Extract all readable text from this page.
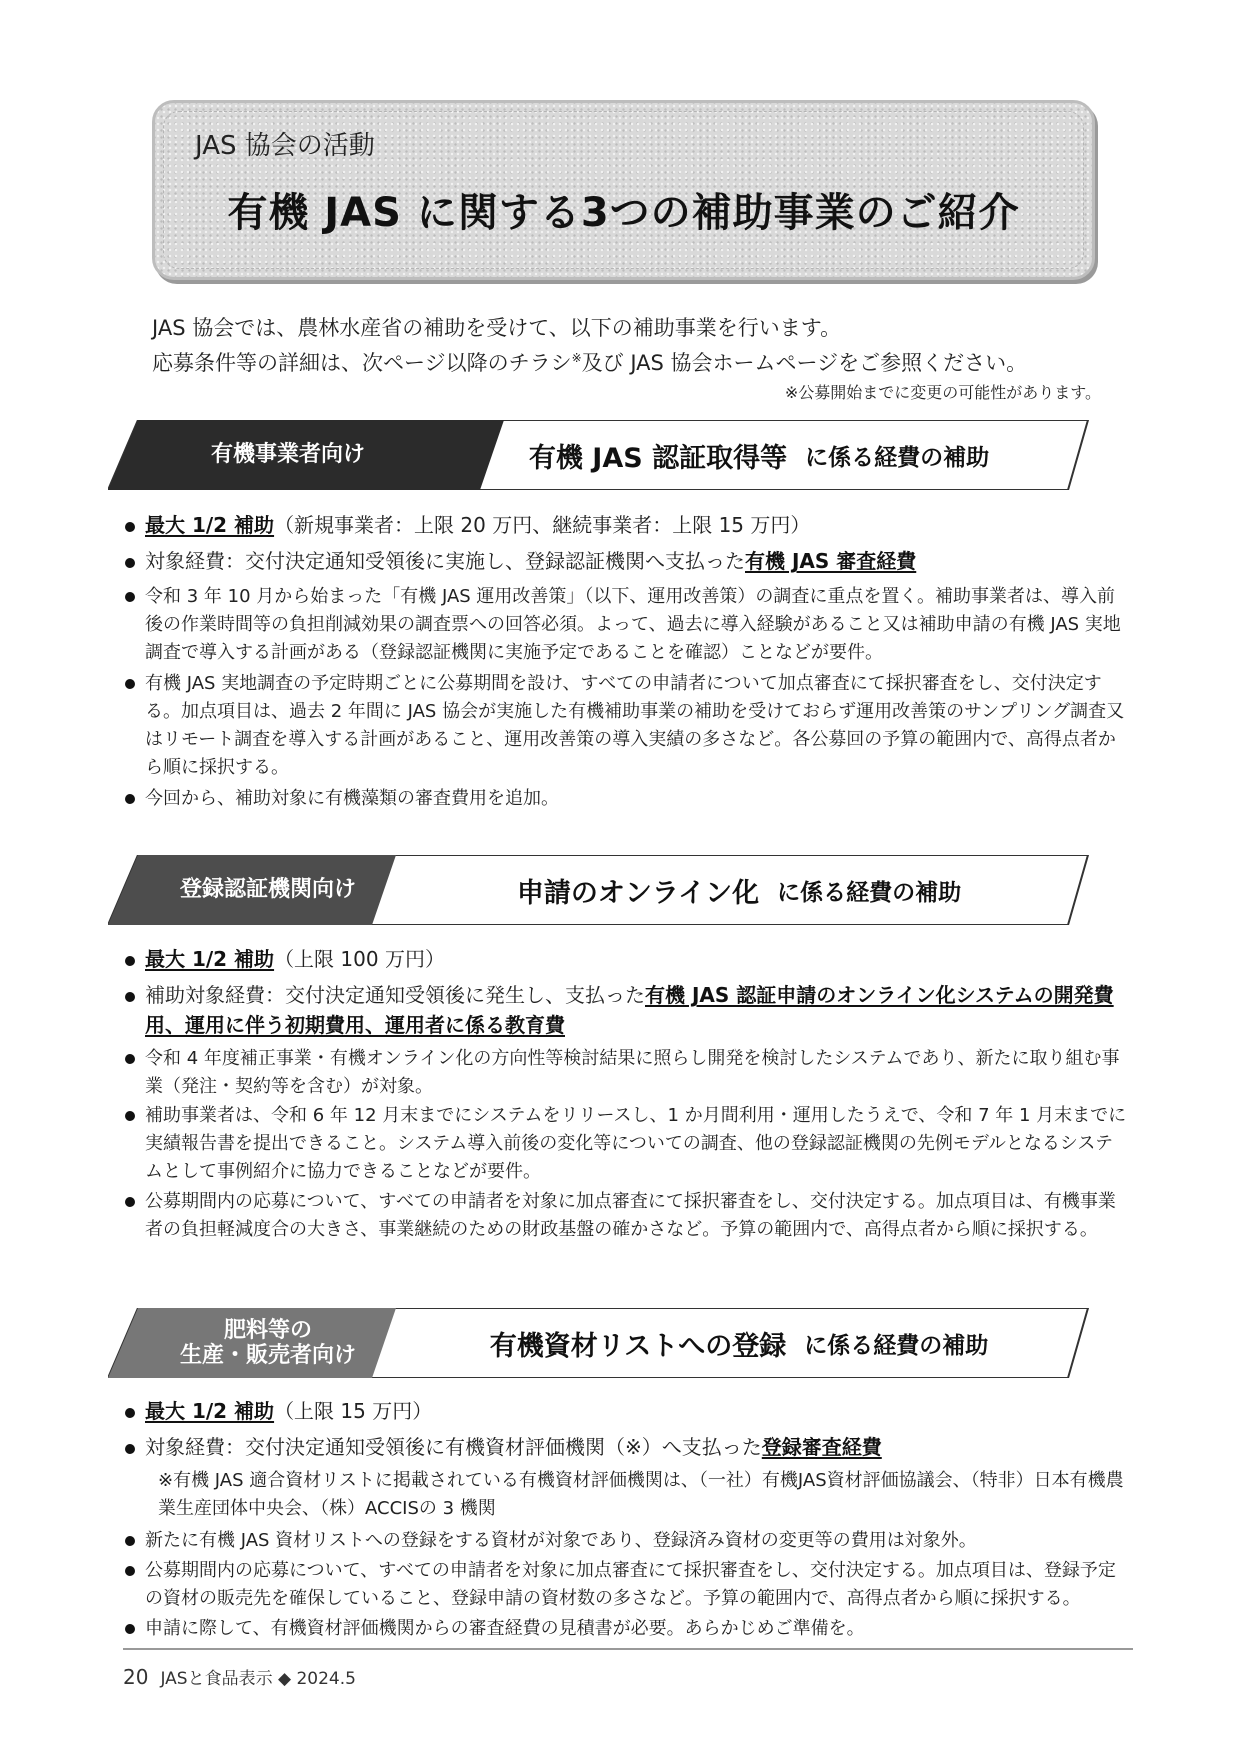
JAS 協会の活動
有機 JAS に関する3つの補助事業のご紹介
JAS 協会では、農林水産省の補助を受けて、以下の補助事業を行います。
応募条件等の詳細は、次ページ以降のチラシ※及び JAS 協会ホームページをご参照ください。
※公募開始までに変更の可能性があります。
有機事業者向け	有機 JAS 認証取得等 に係る経費の補助
最大 1/2 補助（新規事業者：上限 20 万円、継続事業者：上限 15 万円）
対象経費：交付決定通知受領後に実施し、登録認証機関へ支払った有機 JAS 審査経費
令和 3 年 10 月から始まった「有機 JAS 運用改善策」（以下、運用改善策）の調査に重点を置く。補助事業者は、導入前後の作業時間等の負担削減効果の調査票への回答必須。よって、過去に導入経験があること又は補助申請の有機 JAS 実地調査で導入する計画がある（登録認証機関に実施予定であることを確認）ことなどが要件。
有機 JAS 実地調査の予定時期ごとに公募期間を設け、すべての申請者について加点審査にて採択審査をし、交付決定する。加点項目は、過去 2 年間に JAS 協会が実施した有機補助事業の補助を受けておらず運用改善策のサンプリング調査又はリモート調査を導入する計画があること、運用改善策の導入実績の多さなど。各公募回の予算の範囲内で、高得点者から順に採択する。
今回から、補助対象に有機藻類の審査費用を追加。
登録認証機関向け	申請のオンライン化 に係る経費の補助
最大 1/2 補助（上限 100 万円）
補助対象経費：交付決定通知受領後に発生し、支払った有機 JAS 認証申請のオンライン化システムの開発費用、運用に伴う初期費用、運用者に係る教育費
令和 4 年度補正事業・有機オンライン化の方向性等検討結果に照らし開発を検討したシステムであり、新たに取り組む事業（発注・契約等を含む）が対象。
補助事業者は、令和 6 年 12 月末までにシステムをリリースし、1 か月間利用・運用したうえで、令和 7 年 1 月末までに実績報告書を提出できること。システム導入前後の変化等についての調査、他の登録認証機関の先例モデルとなるシステムとして事例紹介に協力できることなどが要件。
公募期間内の応募について、すべての申請者を対象に加点審査にて採択審査をし、交付決定する。加点項目は、有機事業者の負担軽減度合の大きさ、事業継続のための財政基盤の確かさなど。予算の範囲内で、高得点者から順に採択する。
肥料等の
生産・販売者向け	有機資材リストへの登録 に係る経費の補助
最大 1/2 補助（上限 15 万円）
対象経費：交付決定通知受領後に有機資材評価機関（※）へ支払った登録審査経費
※有機 JAS 適合資材リストに掲載されている有機資材評価機関は、（一社）有機JAS資材評価協議会、（特非）日本有機農業生産団体中央会、（株）ACCISの 3 機関
新たに有機 JAS 資材リストへの登録をする資材が対象であり、登録済み資材の変更等の費用は対象外。
公募期間内の応募について、すべての申請者を対象に加点審査にて採択審査をし、交付決定する。加点項目は、登録予定の資材の販売先を確保していること、登録申請の資材数の多さなど。予算の範囲内で、高得点者から順に採択する。
申請に際して、有機資材評価機関からの審査経費の見積書が必要。あらかじめご準備を。
20 JASと食品表示 ◆ 2024.5
